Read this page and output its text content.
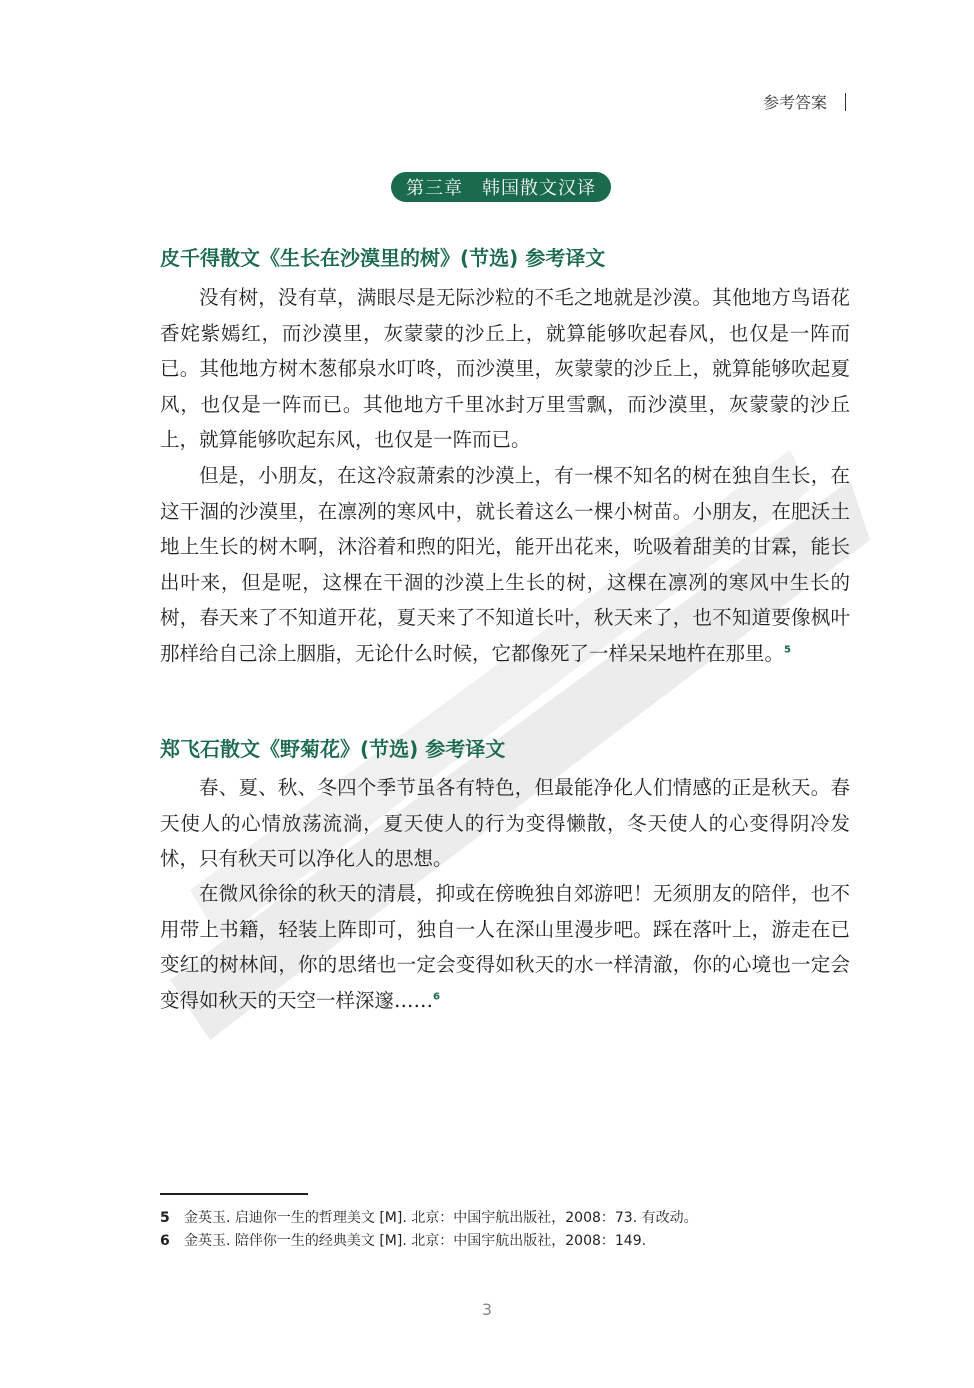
参考答案
第三章　韩国散文汉译
皮千得散文《生长在沙漠里的树》(节选) 参考译文

没有树，没有草，满眼尽是无际沙粒的不毛之地就是沙漠。其他地方鸟语花香姹紫嫣红，而沙漠里，灰蒙蒙的沙丘上，就算能够吹起春风，也仅是一阵而已。其他地方树木葱郁泉水叮咚，而沙漠里，灰蒙蒙的沙丘上，就算能够吹起夏风，也仅是一阵而已。其他地方千里冰封万里雪飘，而沙漠里，灰蒙蒙的沙丘上，就算能够吹起东风，也仅是一阵而已。

但是，小朋友，在这冷寂萧索的沙漠上，有一棵不知名的树在独自生长，在这干涸的沙漠里，在凛冽的寒风中，就长着这么一棵小树苗。小朋友，在肥沃土地上生长的树木啊，沐浴着和煦的阳光，能开出花来，吮吸着甜美的甘霖，能长出叶来，但是呢，这棵在干涸的沙漠上生长的树，这棵在凛冽的寒风中生长的树，春天来了不知道开花，夏天来了不知道长叶，秋天来了，也不知道要像枫叶那样给自己涂上胭脂，无论什么时候，它都像死了一样呆呆地杵在那里。$^5$

郑飞石散文《野菊花》(节选) 参考译文

春、夏、秋、冬四个季节虽各有特色，但最能净化人们情感的正是秋天。春天使人的心情放荡流淌，夏天使人的行为变得懒散，冬天使人的心变得阴冷发怵，只有秋天可以净化人的思想。

在微风徐徐的秋天的清晨，抑或在傍晚独自郊游吧！无须朋友的陪伴，也不用带上书籍，轻装上阵即可，独自一人在深山里漫步吧。踩在落叶上，游走在已变红的树林间，你的思绪也一定会变得如秋天的水一样清澈，你的心境也一定会变得如秋天的天空一样深邃……$^6$

5 金英玉. 启迪你一生的哲理美文 [M]. 北京：中国宇航出版社，2008：73. 有改动。
6 金英玉. 陪伴你一生的经典美文 [M]. 北京：中国宇航出版社，2008：149.
3
